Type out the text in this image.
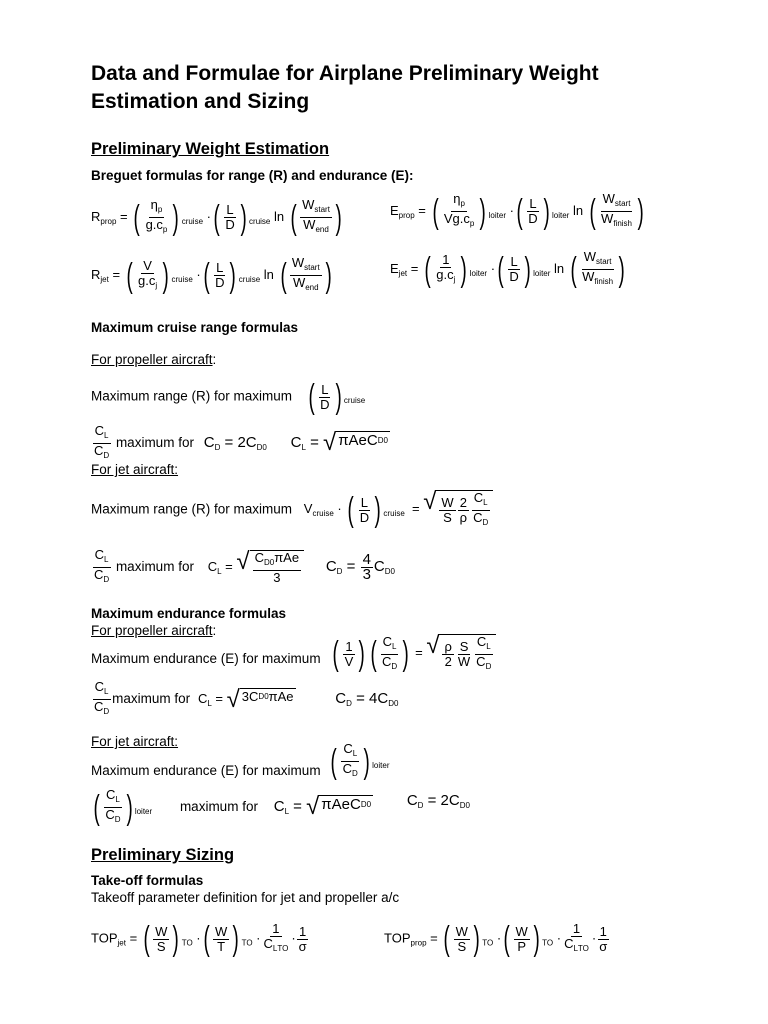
Data and Formulae for Airplane Preliminary Weight Estimation and Sizing
Preliminary Weight Estimation
Breguet formulas for range (R) and endurance (E):
$R_{prop}$ = ( $\frac{\eta_p}{g.c_p}$ ) $_{cruise}$ · ( $\frac{L}{D}$ ) $_{cruise}$ ln ( $\frac{W_{start}}{W_{end}}$ )	$E_{prop}$ = ( $\frac{\eta_p}{Vg.c_p}$ ) $_{loiter}$ · ( $\frac{L}{D}$ ) $_{loiter}$ ln ( $\frac{W_{start}}{W_{finish}}$ )
$R_{jet}$ = ( $\frac{V}{g.c_j}$ ) $_{cruise}$ · ( $\frac{L}{D}$ ) $_{cruise}$ ln ( $\frac{W_{start}}{W_{end}}$ )	$E_{jet}$ = ( $\frac{1}{g.c_j}$ ) $_{loiter}$ · ( $\frac{L}{D}$ ) $_{loiter}$ ln ( $\frac{W_{start}}{W_{finish}}$ )
Maximum cruise range formulas
For propeller aircraft:
Maximum range (R) for maximum ( $\frac{L}{D}$ ) $_{cruise}$
$\frac{C_L}{C_D}$ maximum for $C_D = 2C_{D0}$ $C_L$ = √ πAeC D0
For jet aircraft:
Maximum range (R) for maximum $V_{cruise}$ · ( $\frac{L}{D}$ ) $_{cruise}$  = √ $\frac{W}{S} \frac{2}{\rho} \frac{C_L}{C_D}$
$\frac{C_L}{C_D}$ maximum for $C_L$ = √ $\frac{C_{D0}\pi Ae}{3} C_D = \frac{4}{3} C_{D0}$
Maximum endurance formulas
For propeller aircraft:
Maximum endurance (E) for maximum ( $\frac{1}{V}$ ) ( $\frac{C_L}{C_D}$ ) = √ $\frac{\rho}{2} \frac{S}{W} \frac{C_L}{C_D}$
$\frac{C_L}{C_D}$ maximum for $C_L$ = √ 3C D0 πAe	$C_D = 4C_{D0}$
For jet aircraft:
Maximum endurance (E) for maximum ( $\frac{C_L}{C_D}$ ) $_{loiter}$
( $\frac{C_L}{C_D}$ ) $_{loiter}$ maximum for $C_L$ = √ πAeC D0 $C_D = 2C_{D0}$
Preliminary Sizing
Take-off formulas
Takeoff parameter definition for jet and propeller a/c
$TOP_{jet}$ = ( $\frac{W}{S}$ ) $_{TO}$ · ( $\frac{W}{T}$ ) $_{TO} \cdot \frac{1}{C_{LTO}} \cdot \frac{1}{\sigma}$	$TOP_{prop}$ = ( $\frac{W}{S}$ ) $_{TO}$ · ( $\frac{W}{P}$ ) $_{TO} \cdot \frac{1}{C_{LTO}} \cdot \frac{1}{\sigma}$
